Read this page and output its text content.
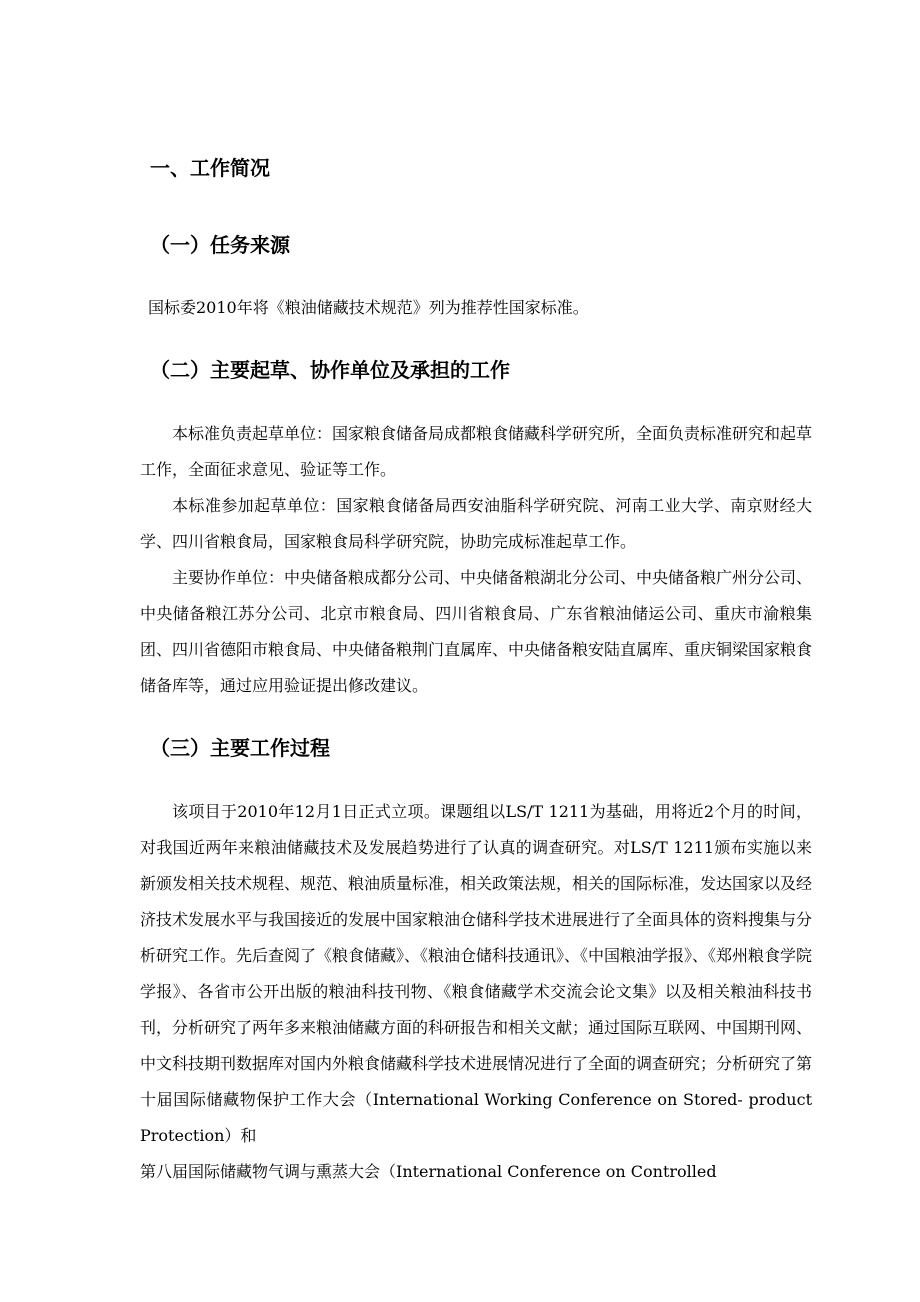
一、工作简况
（一）任务来源
国标委2010年将《粮油储藏技术规范》列为推荐性国家标准。
（二）主要起草、协作单位及承担的工作

本标准负责起草单位：国家粮食储备局成都粮食储藏科学研究所，全面负责标准研究和起草工作，全面征求意见、验证等工作。

本标准参加起草单位：国家粮食储备局西安油脂科学研究院、河南工业大学、南京财经大学、四川省粮食局，国家粮食局科学研究院，协助完成标准起草工作。

主要协作单位：中央储备粮成都分公司、中央储备粮湖北分公司、中央储备粮广州分公司、中央储备粮江苏分公司、北京市粮食局、四川省粮食局、广东省粮油储运公司、重庆市渝粮集团、四川省德阳市粮食局、中央储备粮荆门直属库、中央储备粮安陆直属库、重庆铜梁国家粮食储备库等，通过应用验证提出修改建议。

（三）主要工作过程

该项目于2010年12月1日正式立项。课题组以LS/T 1211为基础，用将近2个月的时间，对我国近两年来粮油储藏技术及发展趋势进行了认真的调查研究。对LS/T 1211颁布实施以来新颁发相关技术规程、规范、粮油质量标准，相关政策法规，相关的国际标准，发达国家以及经济技术发展水平与我国接近的发展中国家粮油仓储科学技术进展进行了全面具体的资料搜集与分析研究工作。先后查阅了《粮食储藏》、《粮油仓储科技通讯》、《中国粮油学报》、《郑州粮食学院学报》、各省市公开出版的粮油科技刊物、《粮食储藏学术交流会论文集》以及相关粮油科技书刊，分析研究了两年多来粮油储藏方面的科研报告和相关文献；通过国际互联网、中国期刊网、中文科技期刊数据库对国内外粮食储藏科学技术进展情况进行了全面的调查研究；分析研究了第十届国际储藏物保护工作大会（International Working Conference on Stored- product Protection）和

第八届国际储藏物气调与熏蒸大会（International Conference on Controlled
